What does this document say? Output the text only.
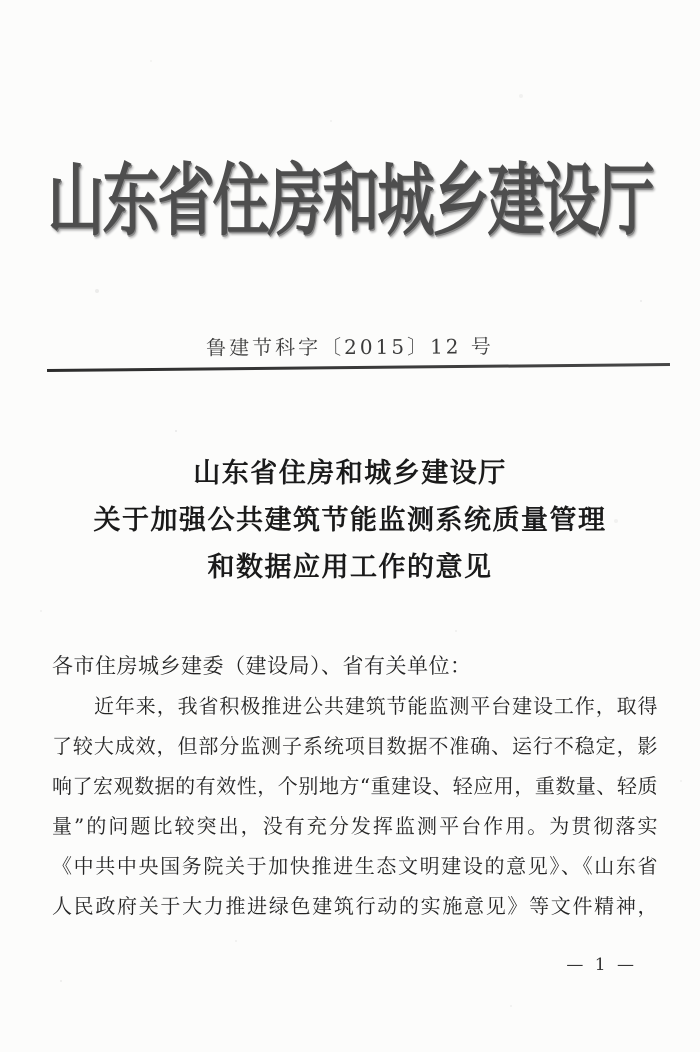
山东省住房和城乡建设厅
鲁建节科字〔2015〕12 号
山东省住房和城乡建设厅
关于加强公共建筑节能监测系统质量管理
和数据应用工作的意见
各市住房城乡建委（建设局）、省有关单位：
近年来，我省积极推进公共建筑节能监测平台建设工作，取得
了较大成效，但部分监测子系统项目数据不准确、运行不稳定，影
响了宏观数据的有效性，个别地方“重建设、轻应用，重数量、轻质
量”的问题比较突出，没有充分发挥监测平台作用。为贯彻落实
《中共中央国务院关于加快推进生态文明建设的意见》、《山东省
人民政府关于大力推进绿色建筑行动的实施意见》等文件精神，
— 1 —
